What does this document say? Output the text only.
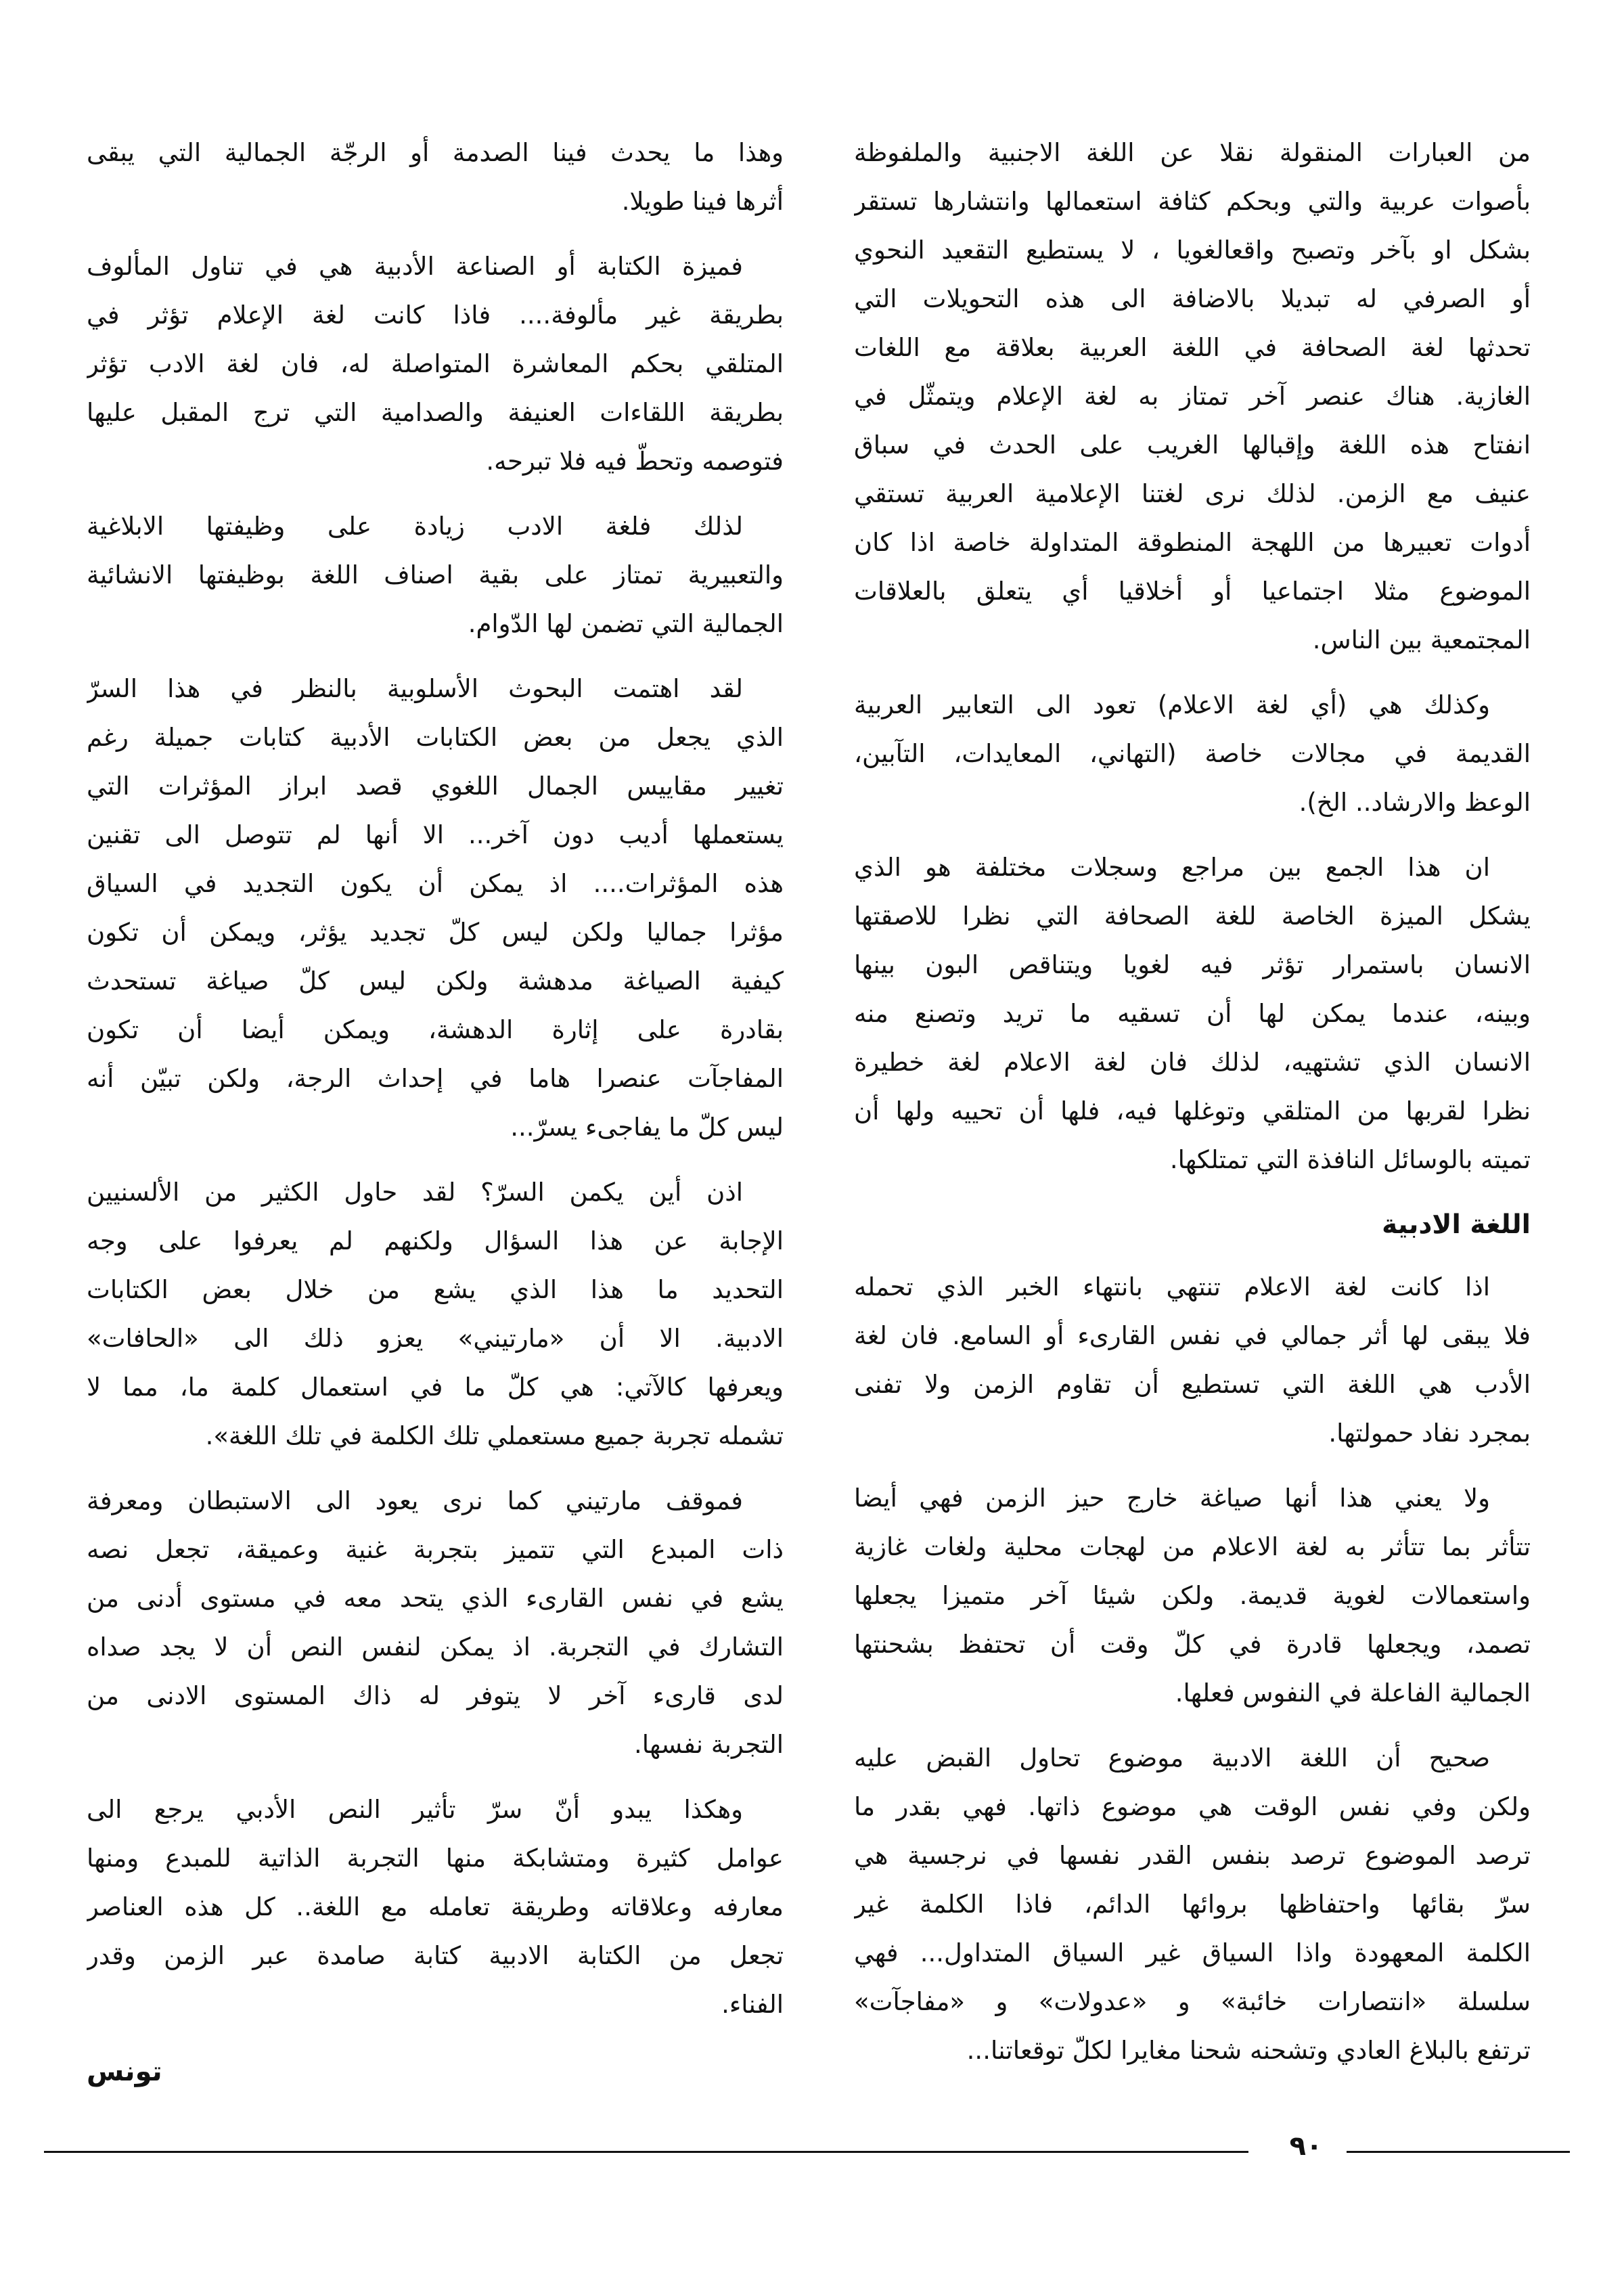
من العبارات المنقولة نقلا عن اللغة الاجنبية والملفوظة
بأصوات عربية والتي وبحكم كثافة استعمالها وانتشارها تستقر
بشكل او بآخر وتصبح واقعالغويا ، لا يستطيع التقعيد النحوي
أو الصرفي له تبديلا بالاضافة الى هذه التحويلات التي
تحدثها لغة الصحافة في اللغة العربية بعلاقة مع اللغات
الغازية. هناك عنصر آخر تمتاز به لغة الإعلام ويتمثّل في
انفتاح هذه اللغة وإقبالها الغريب على الحدث في سباق
عنيف مع الزمن. لذلك نرى لغتنا الإعلامية العربية تستقي
أدوات تعبيرها من اللهجة المنطوقة المتداولة خاصة اذا كان
الموضوع مثلا اجتماعيا أو أخلاقيا أي يتعلق بالعلاقات
المجتمعية بين الناس.
وكذلك هي (أي لغة الاعلام) تعود الى التعابير العربية
القديمة في مجالات خاصة (التهاني، المعايدات، التآبين،
الوعظ والارشاد.. الخ).
ان هذا الجمع بين مراجع وسجلات مختلفة هو الذي
يشكل الميزة الخاصة للغة الصحافة التي نظرا للاصقتها
الانسان باستمرار تؤثر فيه لغويا ويتناقص البون بينها
وبينه، عندما يمكن لها أن تسقيه ما تريد وتصنع منه
الانسان الذي تشتهيه، لذلك فان لغة الاعلام لغة خطيرة
نظرا لقربها من المتلقي وتوغلها فيه، فلها أن تحييه ولها أن
تميته بالوسائل النافذة التي تمتلكها.
اللغة الادبية
اذا كانت لغة الاعلام تنتهي بانتهاء الخبر الذي تحمله
فلا يبقى لها أثر جمالي في نفس القارىء أو السامع. فان لغة
الأدب هي اللغة التي تستطيع أن تقاوم الزمن ولا تفنى
بمجرد نفاد حمولتها.
ولا يعني هذا أنها صياغة خارج حيز الزمن فهي أيضا
تتأثر بما تتأثر به لغة الاعلام من لهجات محلية ولغات غازية
واستعمالات لغوية قديمة. ولكن شيئا آخر متميزا يجعلها
تصمد، ويجعلها قادرة في كلّ وقت أن تحتفظ بشحنتها
الجمالية الفاعلة في النفوس فعلها.
صحيح أن اللغة الادبية موضوع تحاول القبض عليه
ولكن وفي نفس الوقت هي موضوع ذاتها. فهي بقدر ما
ترصد الموضوع ترصد بنفس القدر نفسها في نرجسية هي
سرّ بقائها واحتفاظها بروائها الدائم، فاذا الكلمة غير
الكلمة المعهودة واذا السياق غير السياق المتداول... فهي
سلسلة «انتصارات خائبة» و «عدولات» و «مفاجآت»
ترتفع بالبلاغ العادي وتشحنه شحنا مغايرا لكلّ توقعاتنا...
وهذا ما يحدث فينا الصدمة أو الرجّة الجمالية التي يبقى
أثرها فينا طويلا.
فميزة الكتابة أو الصناعة الأدبية هي في تناول المألوف
بطريقة غير مألوفة.... فاذا كانت لغة الإعلام تؤثر في
المتلقي بحكم المعاشرة المتواصلة له، فان لغة الادب تؤثر
بطريقة اللقاءات العنيفة والصدامية التي ترج المقبل عليها
فتوصمه وتحطّ فيه فلا تبرحه.
لذلك فلغة الادب زيادة على وظيفتها الابلاغية
والتعبيرية تمتاز على بقية اصناف اللغة بوظيفتها الانشائية
الجمالية التي تضمن لها الدّوام.
لقد اهتمت البحوث الأسلوبية بالنظر في هذا السرّ
الذي يجعل من بعض الكتابات الأدبية كتابات جميلة رغم
تغيير مقاييس الجمال اللغوي قصد ابراز المؤثرات التي
يستعملها أديب دون آخر... الا أنها لم تتوصل الى تقنين
هذه المؤثرات.... اذ يمكن أن يكون التجديد في السياق
مؤثرا جماليا ولكن ليس كلّ تجديد يؤثر، ويمكن أن تكون
كيفية الصياغة مدهشة ولكن ليس كلّ صياغة تستحدث
بقادرة على إثارة الدهشة، ويمكن أيضا أن تكون
المفاجآت عنصرا هاما في إحداث الرجة، ولكن تبيّن أنه
ليس كلّ ما يفاجىء يسرّ...
اذن أين يكمن السرّ؟ لقد حاول الكثير من الألسنيين
الإجابة عن هذا السؤال ولكنهم لم يعرفوا على وجه
التحديد ما هذا الذي يشع من خلال بعض الكتابات
الادبية. الا أن «مارتيني» يعزو ذلك الى «الحافات»
ويعرفها كالآتي: هي كلّ ما في استعمال كلمة ما، مما لا
تشمله تجربة جميع مستعملي تلك الكلمة في تلك اللغة».
فموقف مارتيني كما نرى يعود الى الاستبطان ومعرفة
ذات المبدع التي تتميز بتجربة غنية وعميقة، تجعل نصه
يشع في نفس القارىء الذي يتحد معه في مستوى أدنى من
التشارك في التجربة. اذ يمكن لنفس النص أن لا يجد صداه
لدى قارىء آخر لا يتوفر له ذاك المستوى الادنى من
التجربة نفسها.
وهكذا يبدو أنّ سرّ تأثير النص الأدبي يرجع الى
عوامل كثيرة ومتشابكة منها التجربة الذاتية للمبدع ومنها
معارفه وعلاقاته وطريقة تعامله مع اللغة.. كل هذه العناصر
تجعل من الكتابة الادبية كتابة صامدة عبر الزمن وقدر
الفناء.
تونس
٩٠
